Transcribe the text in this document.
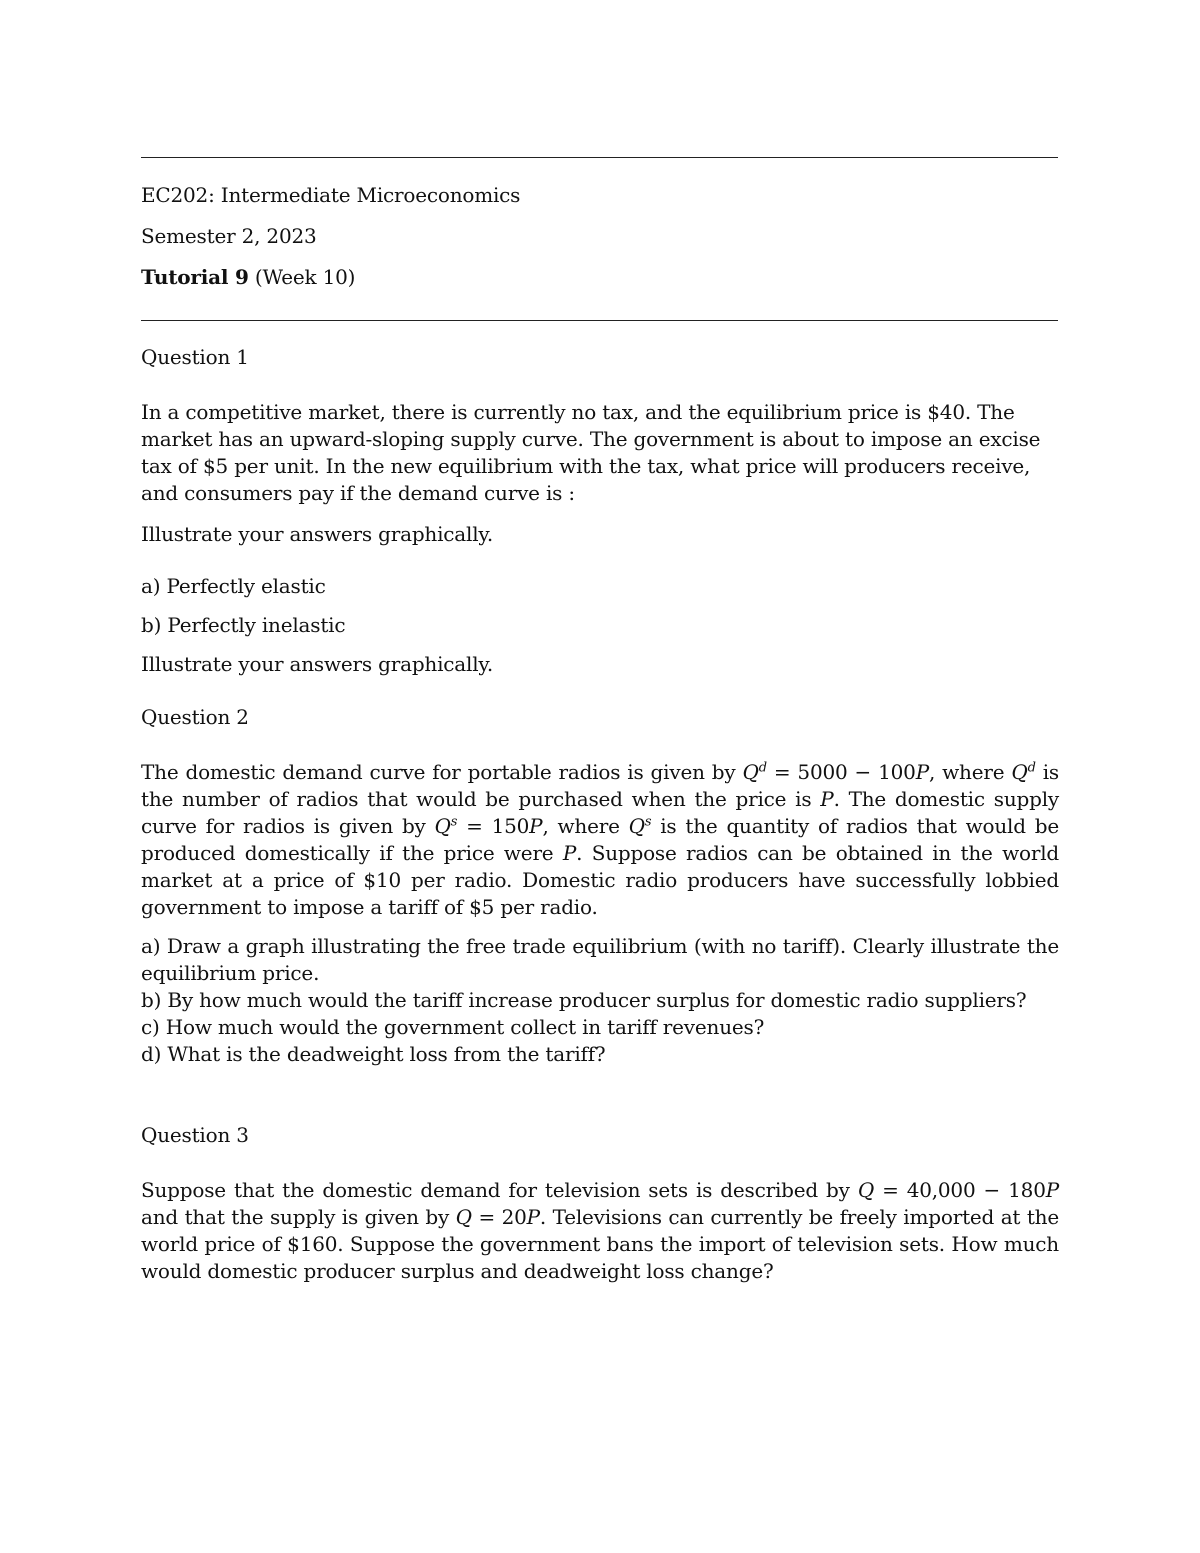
EC202: Intermediate Microeconomics
Semester 2, 2023
Tutorial 9 (Week 10)
Question 1
In a competitive market, there is currently no tax, and the equilibrium price is $40. The market has an upward-sloping supply curve. The government is about to impose an excise tax of $5 per unit. In the new equilibrium with the tax, what price will producers receive, and consumers pay if the demand curve is :
Illustrate your answers graphically.
a) Perfectly elastic
b) Perfectly inelastic
Illustrate your answers graphically.
Question 2
The domestic demand curve for portable radios is given by $Q^d = 5000 - 100P$, where $Q^d$ is the number of radios that would be purchased when the price is P. The domestic supply curve for radios is given by $Q^s = 150P$, where $Q^s$ is the quantity of radios that would be produced domestically if the price were P. Suppose radios can be obtained in the world market at a price of $10 per radio. Domestic radio producers have successfully lobbied government to impose a tariff of $5 per radio.
a) Draw a graph illustrating the free trade equilibrium (with no tariff). Clearly illustrate the equilibrium price.
b) By how much would the tariff increase producer surplus for domestic radio suppliers?
c) How much would the government collect in tariff revenues?
d) What is the deadweight loss from the tariff?
Question 3
Suppose that the domestic demand for television sets is described by Q = 40,000 − 180P and that the supply is given by Q = 20P. Televisions can currently be freely imported at the world price of $160. Suppose the government bans the import of television sets. How much would domestic producer surplus and deadweight loss change?
